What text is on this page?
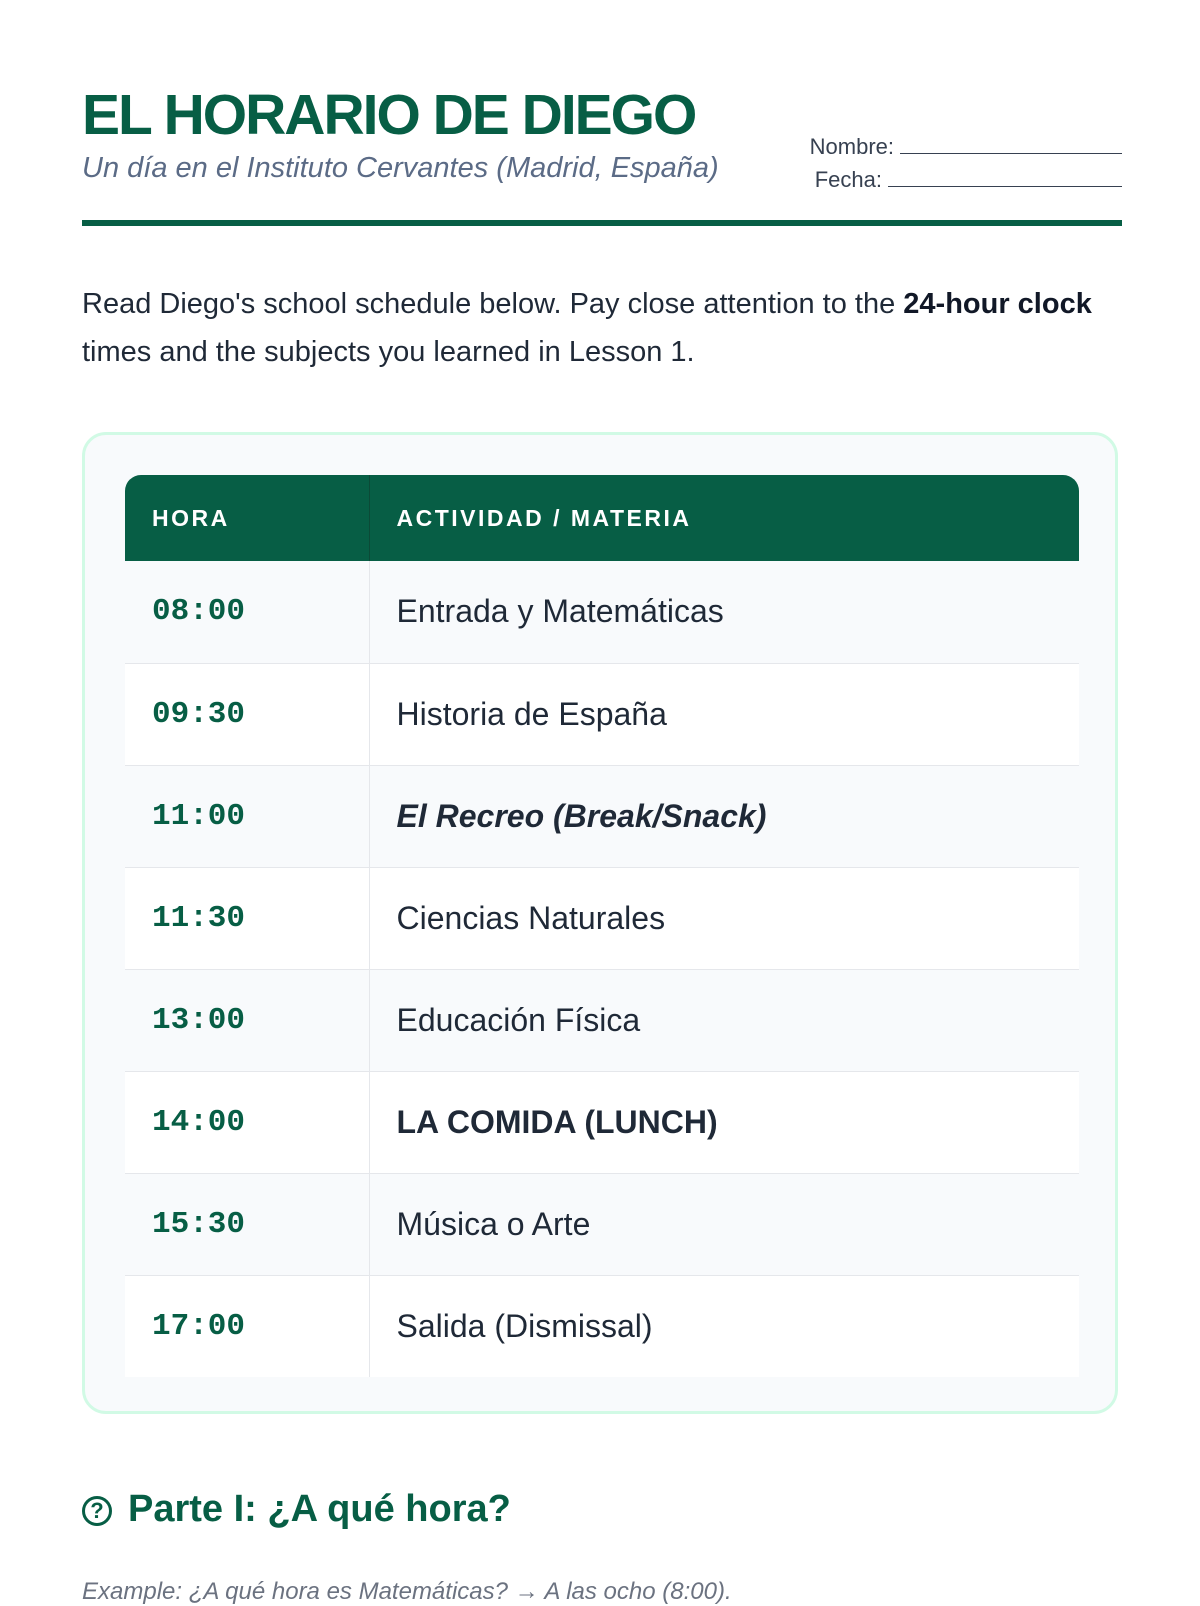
EL HORARIO DE DIEGO
Un día en el Instituto Cervantes (Madrid, España)
Nombre:
Fecha:

Read Diego's school schedule below. Pay close attention to the 24-hour clock times and the subjects you learned in Lesson 1.

HORA	ACTIVIDAD / MATERIA
08:00	Entrada y Matemáticas
09:30	Historia de España
11:00	El Recreo (Break/Snack)
11:30	Ciencias Naturales
13:00	Educación Física
14:00	LA COMIDA (LUNCH)
15:30	Música o Arte
17:00	Salida (Dismissal)
? Parte I: ¿A qué hora?
Example: ¿A qué hora es Matemáticas? → A las ocho (8:00).
